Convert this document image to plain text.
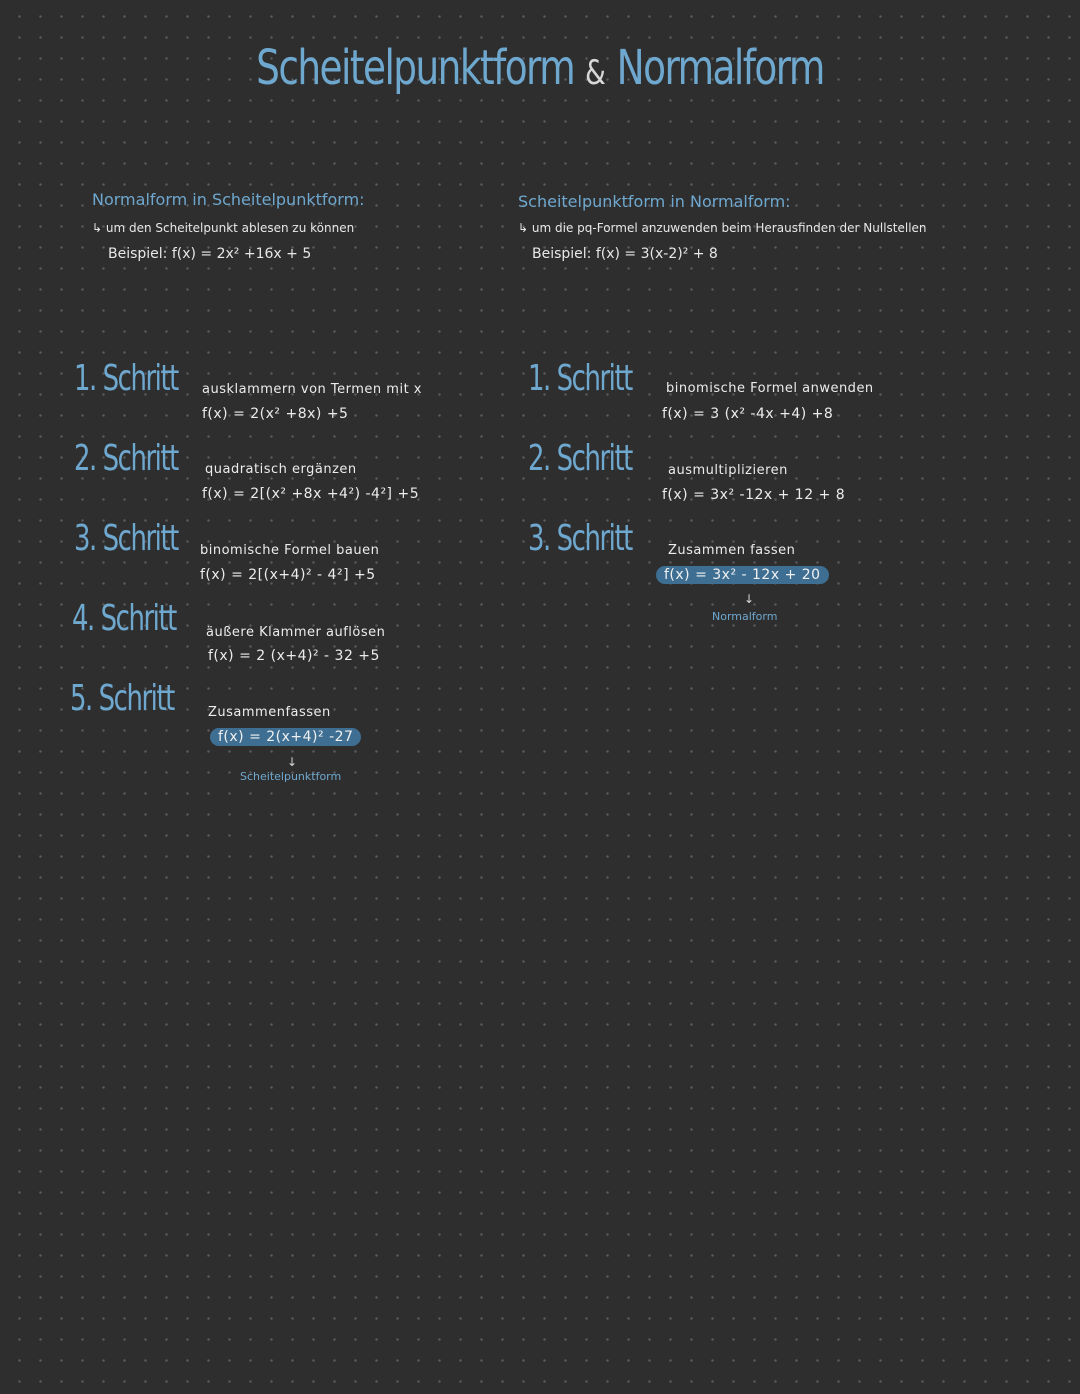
Scheitelpunktform & Normalform
Normalform in Scheitelpunktform:
↳ um den Scheitelpunkt ablesen zu können
Beispiel: f(x) = 2x² +16x + 5
1. Schritt ausklammern von Termen mit x
f(x) = 2(x² +8x) +5
2. Schritt quadratisch ergänzen
f(x) = 2[(x² +8x +4²) -4²] +5
3. Schritt binomische Formel bauen
f(x) = 2[(x+4)² - 4²] +5
4. Schritt äußere Klammer auflösen
f(x) = 2 (x+4)² - 32 +5
5. Schritt	Zusammenfassen
f(x) = 2(x+4)² -27
↓
Scheitelpunktform
Scheitelpunktform in Normalform:
↳ um die pq-Formel anzuwenden beim Herausfinden der Nullstellen
Beispiel: f(x) = 3(x-2)² + 8
1. Schritt	binomische Formel anwenden
f(x) = 3 (x² -4x +4) +8
2. Schritt	ausmultiplizieren
f(x) = 3x² -12x + 12 + 8
3. Schritt	Zusammen fassen
f(x) = 3x² - 12x + 20
↓
Normalform
